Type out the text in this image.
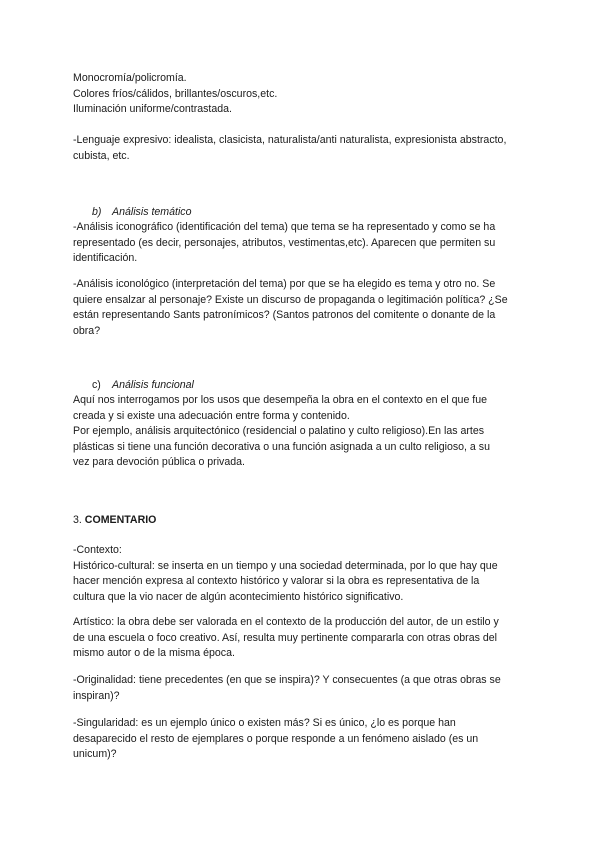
Monocromía/policromía.
Colores fríos/cálidos, brillantes/oscuros,etc.
Iluminación uniforme/contrastada.
-Lenguaje expresivo: idealista, clasicista, naturalista/anti naturalista, expresionista abstracto,
cubista, etc.
b) Análisis temático
-Análisis iconográfico (identificación del tema) que tema se ha representado y como se ha
representado (es decir, personajes, atributos, vestimentas,etc). Aparecen que permiten su
identificación.
-Análisis iconológico (interpretación del tema) por que se ha elegido es tema y otro no. Se
quiere ensalzar al personaje? Existe un discurso de propaganda o legitimación política? ¿Se
están representando Sants patronímicos? (Santos patronos del comitente o donante de la
obra?
c) Análisis funcional
Aquí nos interrogamos por los usos que desempeña la obra en el contexto en el que fue
creada y si existe una adecuación entre forma y contenido.
Por ejemplo, análisis arquitectónico (residencial o palatino y culto religioso).En las artes
plásticas si tiene una función decorativa o una función asignada a un culto religioso, a su
vez para devoción pública o privada.
3. COMENTARIO
-Contexto:
Histórico-cultural: se inserta en un tiempo y una sociedad determinada, por lo que hay que
hacer mención expresa al contexto histórico y valorar si la obra es representativa de la
cultura que la vio nacer de algún acontecimiento histórico significativo.
Artístico: la obra debe ser valorada en el contexto de la producción del autor, de un estilo y
de una escuela o foco creativo. Así, resulta muy pertinente compararla con otras obras del
mismo autor o de la misma época.
-Originalidad: tiene precedentes (en que se inspira)? Y consecuentes (a que otras obras se
inspiran)?
-Singularidad: es un ejemplo único o existen más? Si es único, ¿lo es porque han
desaparecido el resto de ejemplares o porque responde a un fenómeno aislado (es un
unicum)?
